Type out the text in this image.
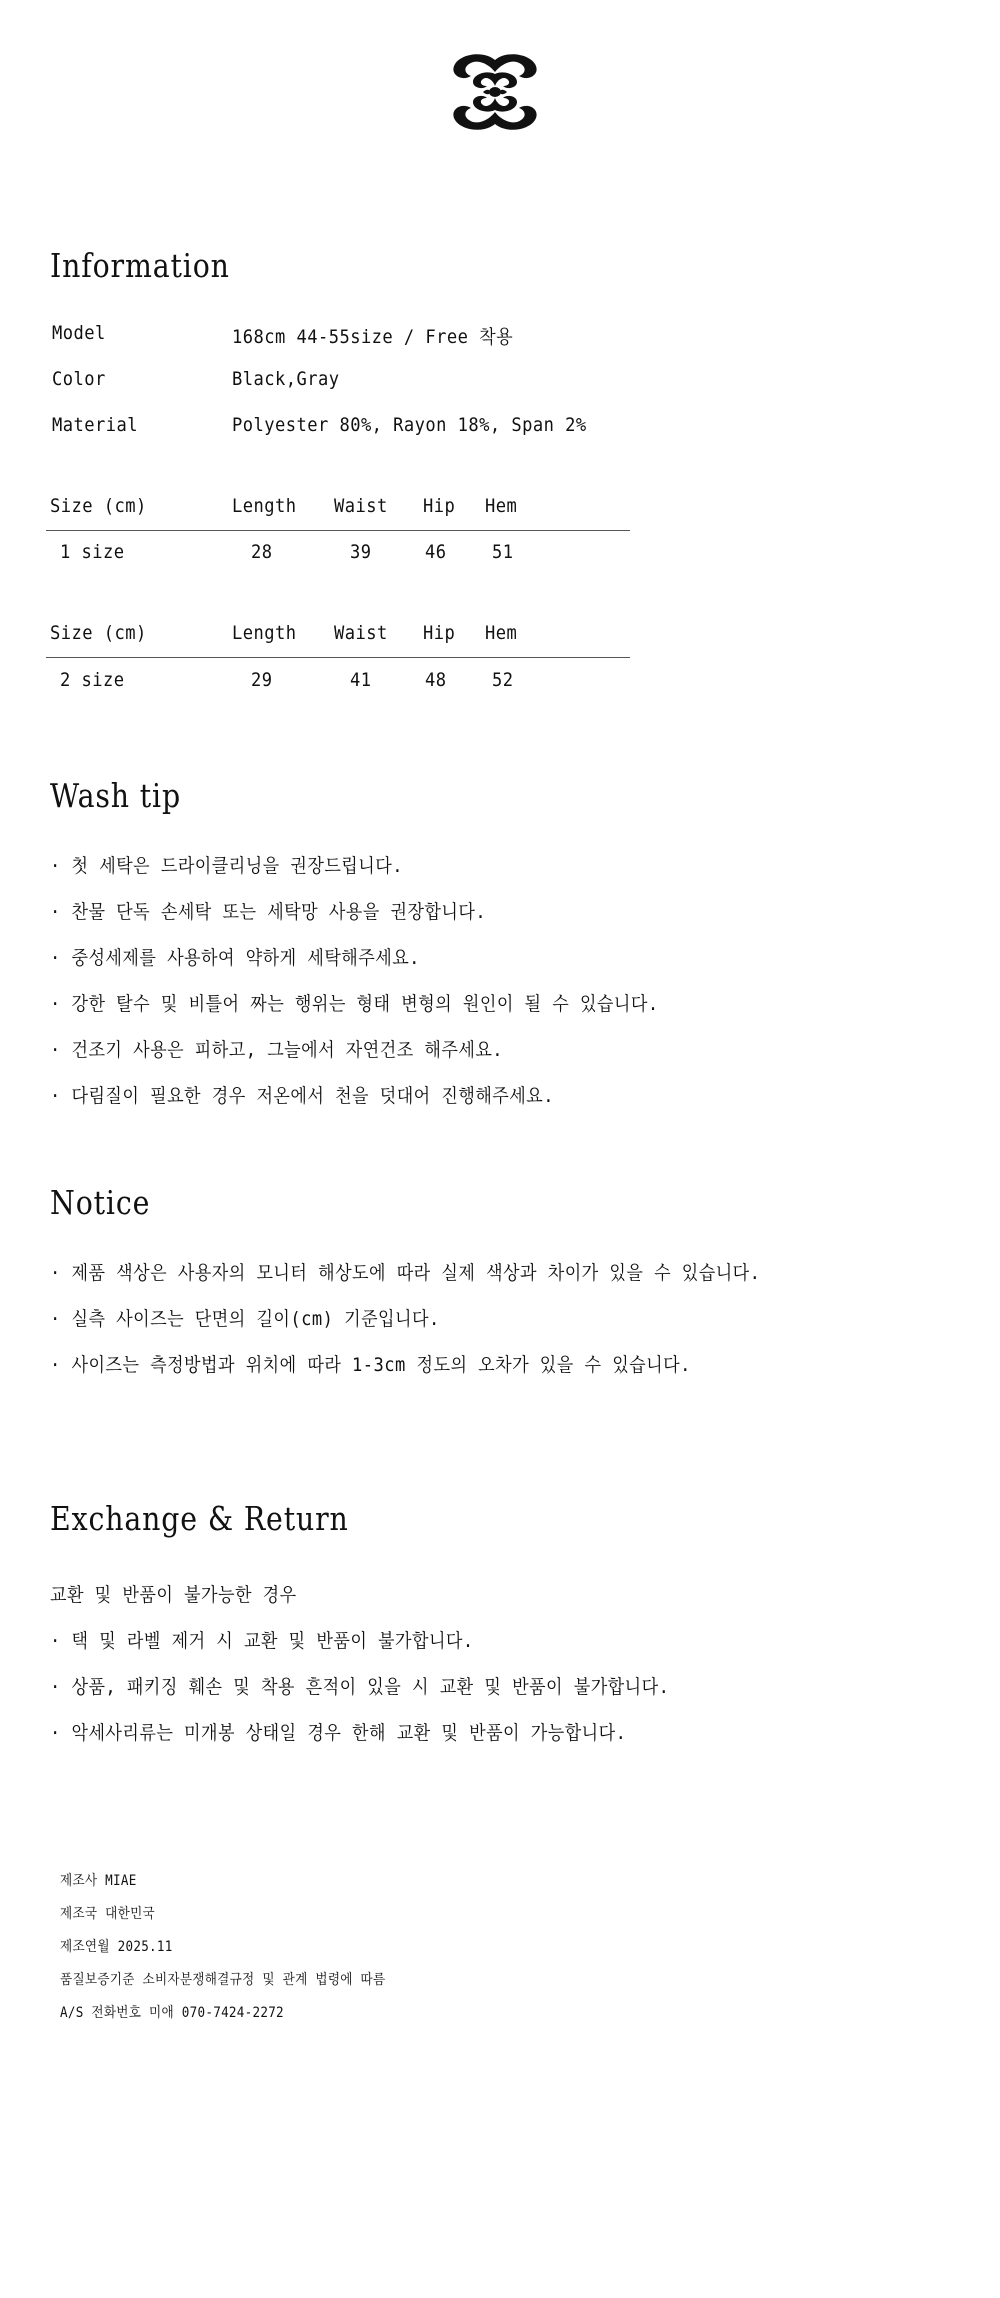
Information
Model	168cm 44-55size / Free 착용
Color	Black,Gray
Material	Polyester 80%, Rayon 18%, Span 2%
Size (cm)	Length Waist Hip Hem
1 size	28	39	46 51
Size (cm)	Length Waist Hip Hem
2 size	29	41	48 52
Wash tip
· 첫 세탁은 드라이클리닝을 권장드립니다.
· 찬물 단독 손세탁 또는 세탁망 사용을 권장합니다.
· 중성세제를 사용하여 약하게 세탁해주세요.
· 강한 탈수 및 비틀어 짜는 행위는 형태 변형의 원인이 될 수 있습니다.
· 건조기 사용은 피하고, 그늘에서 자연건조 해주세요.
· 다림질이 필요한 경우 저온에서 천을 덧대어 진행해주세요.
Notice
· 제품 색상은 사용자의 모니터 해상도에 따라 실제 색상과 차이가 있을 수 있습니다.
· 실측 사이즈는 단면의 길이(cm) 기준입니다.
· 사이즈는 측정방법과 위치에 따라 1-3cm 정도의 오차가 있을 수 있습니다.
Exchange & Return
교환 및 반품이 불가능한 경우
· 택 및 라벨 제거 시 교환 및 반품이 불가합니다.
· 상품, 패키징 훼손 및 착용 흔적이 있을 시 교환 및 반품이 불가합니다.
· 악세사리류는 미개봉 상태일 경우 한해 교환 및 반품이 가능합니다.
제조사 MIAE
제조국 대한민국
제조연월 2025.11
품질보증기준 소비자분쟁해결규정 및 관계 법령에 따름
A/S 전화번호 미애 070-7424-2272
